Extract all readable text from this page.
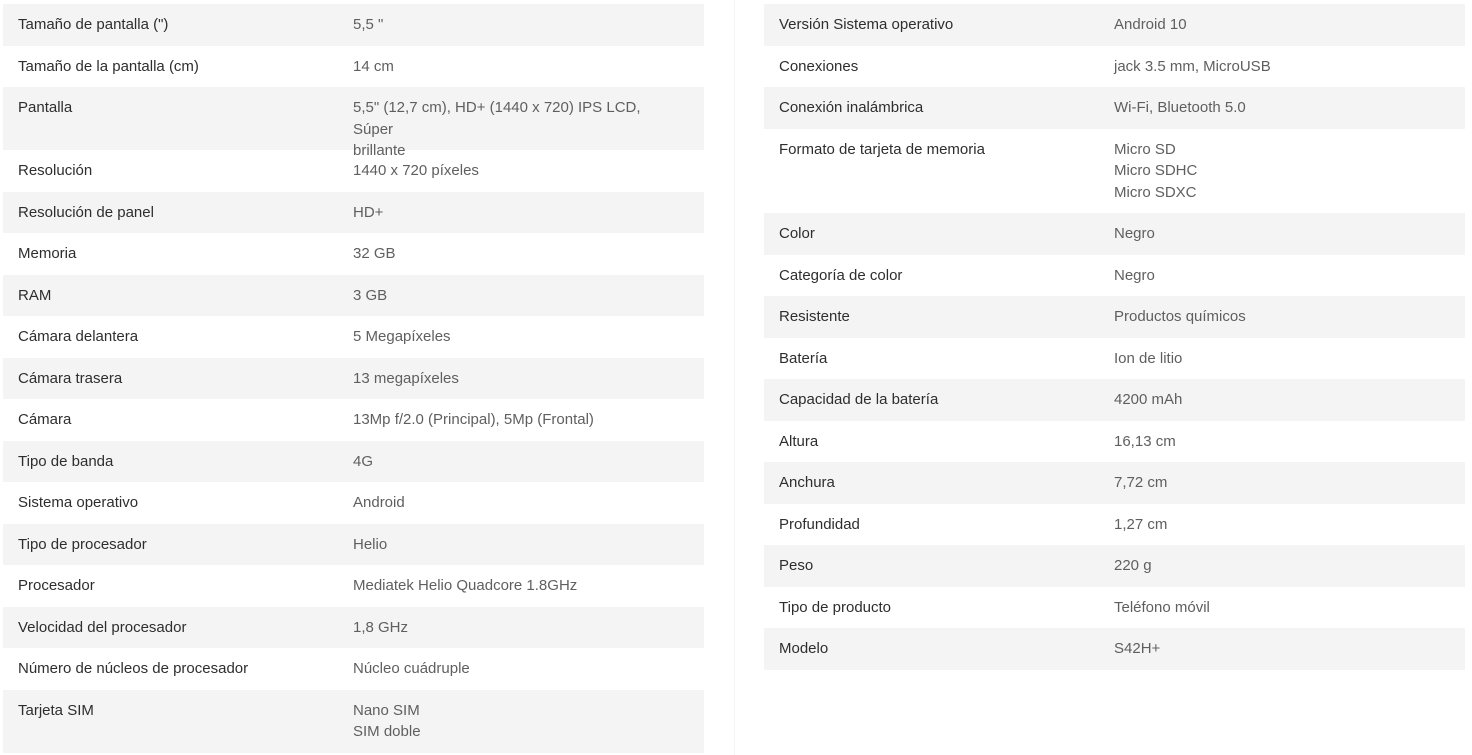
Tamaño de pantalla (")	5,5 "
Tamaño de la pantalla (cm)	14 cm
Pantalla	5,5" (12,7 cm), HD+ (1440 x 720) IPS LCD, Súper
brillante
Resolución	1440 x 720 píxeles
Resolución de panel	HD+
Memoria	32 GB
RAM	3 GB
Cámara delantera	5 Megapíxeles
Cámara trasera	13 megapíxeles
Cámara	13Mp f/2.0 (Principal), 5Mp (Frontal)
Tipo de banda	4G
Sistema operativo	Android
Tipo de procesador	Helio
Procesador	Mediatek Helio Quadcore 1.8GHz
Velocidad del procesador	1,8 GHz
Número de núcleos de procesador	Núcleo cuádruple
Tarjeta SIM	Nano SIM
SIM doble
Versión Sistema operativo	Android 10
Conexiones	jack 3.5 mm, MicroUSB
Conexión inalámbrica	Wi-Fi, Bluetooth 5.0
Formato de tarjeta de memoria	Micro SD
Micro SDHC
Micro SDXC
Color	Negro
Categoría de color	Negro
Resistente	Productos químicos
Batería	Ion de litio
Capacidad de la batería	4200 mAh
Altura	16,13 cm
Anchura	7,72 cm
Profundidad	1,27 cm
Peso	220 g
Tipo de producto	Teléfono móvil
Modelo	S42H+
